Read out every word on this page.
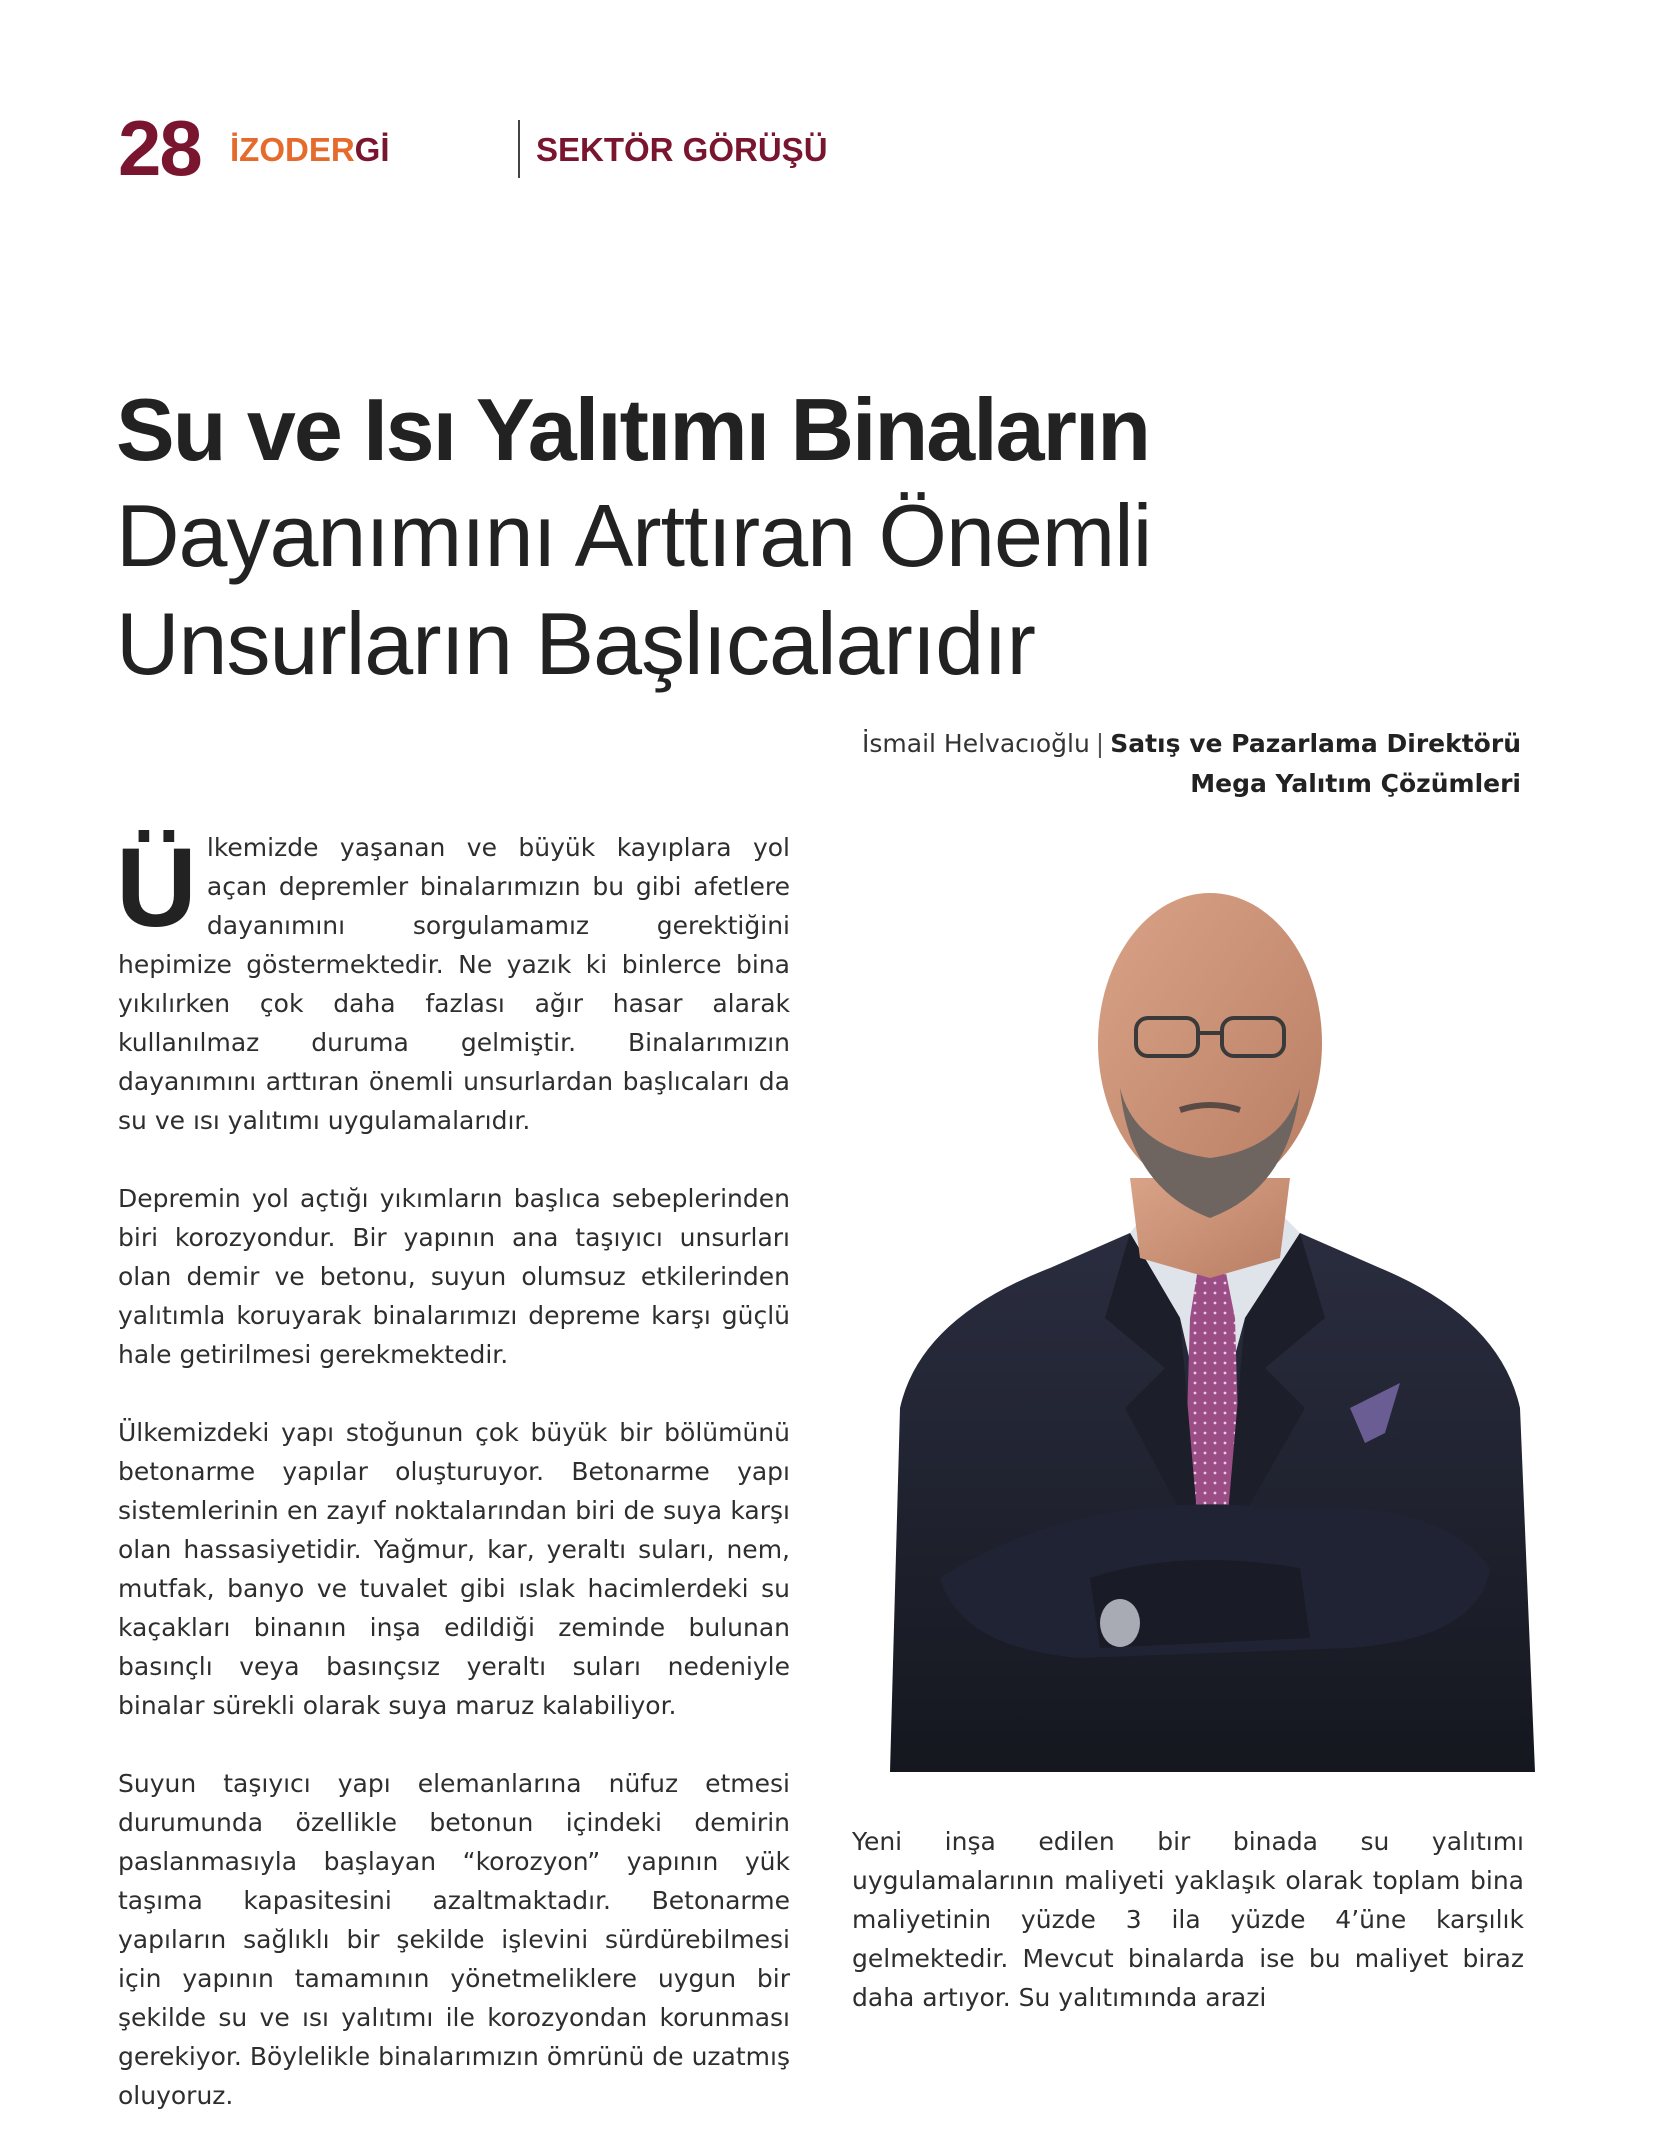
28 İZODERGİ	SEKTÖR GÖRÜŞÜ
Su ve Isı Yalıtımı Binaların
Dayanımını Arttıran Önemli
Unsurların Başlıcalarıdır
İsmail Helvacıoğlu | Satış ve Pazarlama Direktörü
Mega Yalıtım Çözümleri

Ülkemizde yaşanan ve büyük kayıplara yol açan depremler binalarımızın bu gibi afetlere dayanımını sorgulamamız gerektiğini hepimize göstermektedir. Ne yazık ki binlerce bina yıkılırken çok daha fazlası ağır hasar alarak kullanılmaz duruma gelmiştir. Binalarımızın dayanımını arttıran önemli unsurlardan başlıcaları da su ve ısı yalıtımı uygulamalarıdır.

Depremin yol açtığı yıkımların başlıca sebeplerinden biri korozyondur. Bir yapının ana taşıyıcı unsurları olan demir ve betonu, suyun olumsuz etkilerinden yalıtımla koruyarak binalarımızı depreme karşı güçlü hale getirilmesi gerekmektedir.

Ülkemizdeki yapı stoğunun çok büyük bir bölümünü betonarme yapılar oluşturuyor. Betonarme yapı sistemlerinin en zayıf noktalarından biri de suya karşı olan hassasiyetidir. Yağmur, kar, yeraltı suları, nem, mutfak, banyo ve tuvalet gibi ıslak hacimlerdeki su kaçakları binanın inşa edildiği zeminde bulunan basınçlı veya basınçsız yeraltı suları nedeniyle binalar sürekli olarak suya maruz kalabiliyor.

Suyun taşıyıcı yapı elemanlarına nüfuz etmesi durumunda özellikle betonun içindeki demirin paslanmasıyla başlayan “korozyon” yapının yük taşıma kapasitesini azaltmaktadır. Betonarme yapıların sağlıklı bir şekilde işlevini sürdürebilmesi için yapının tamamının yönetmeliklere uygun bir şekilde su ve ısı yalıtımı ile korozyondan korunması gerekiyor. Böylelikle binalarımızın ömrünü de uzatmış oluyoruz.

Yeni inşa edilen bir binada su yalıtımı uygulamalarının maliyeti yaklaşık olarak toplam bina maliyetinin yüzde 3 ila yüzde 4’üne karşılık gelmektedir. Mevcut binalarda ise bu maliyet biraz daha artıyor. Su yalıtımında arazi
